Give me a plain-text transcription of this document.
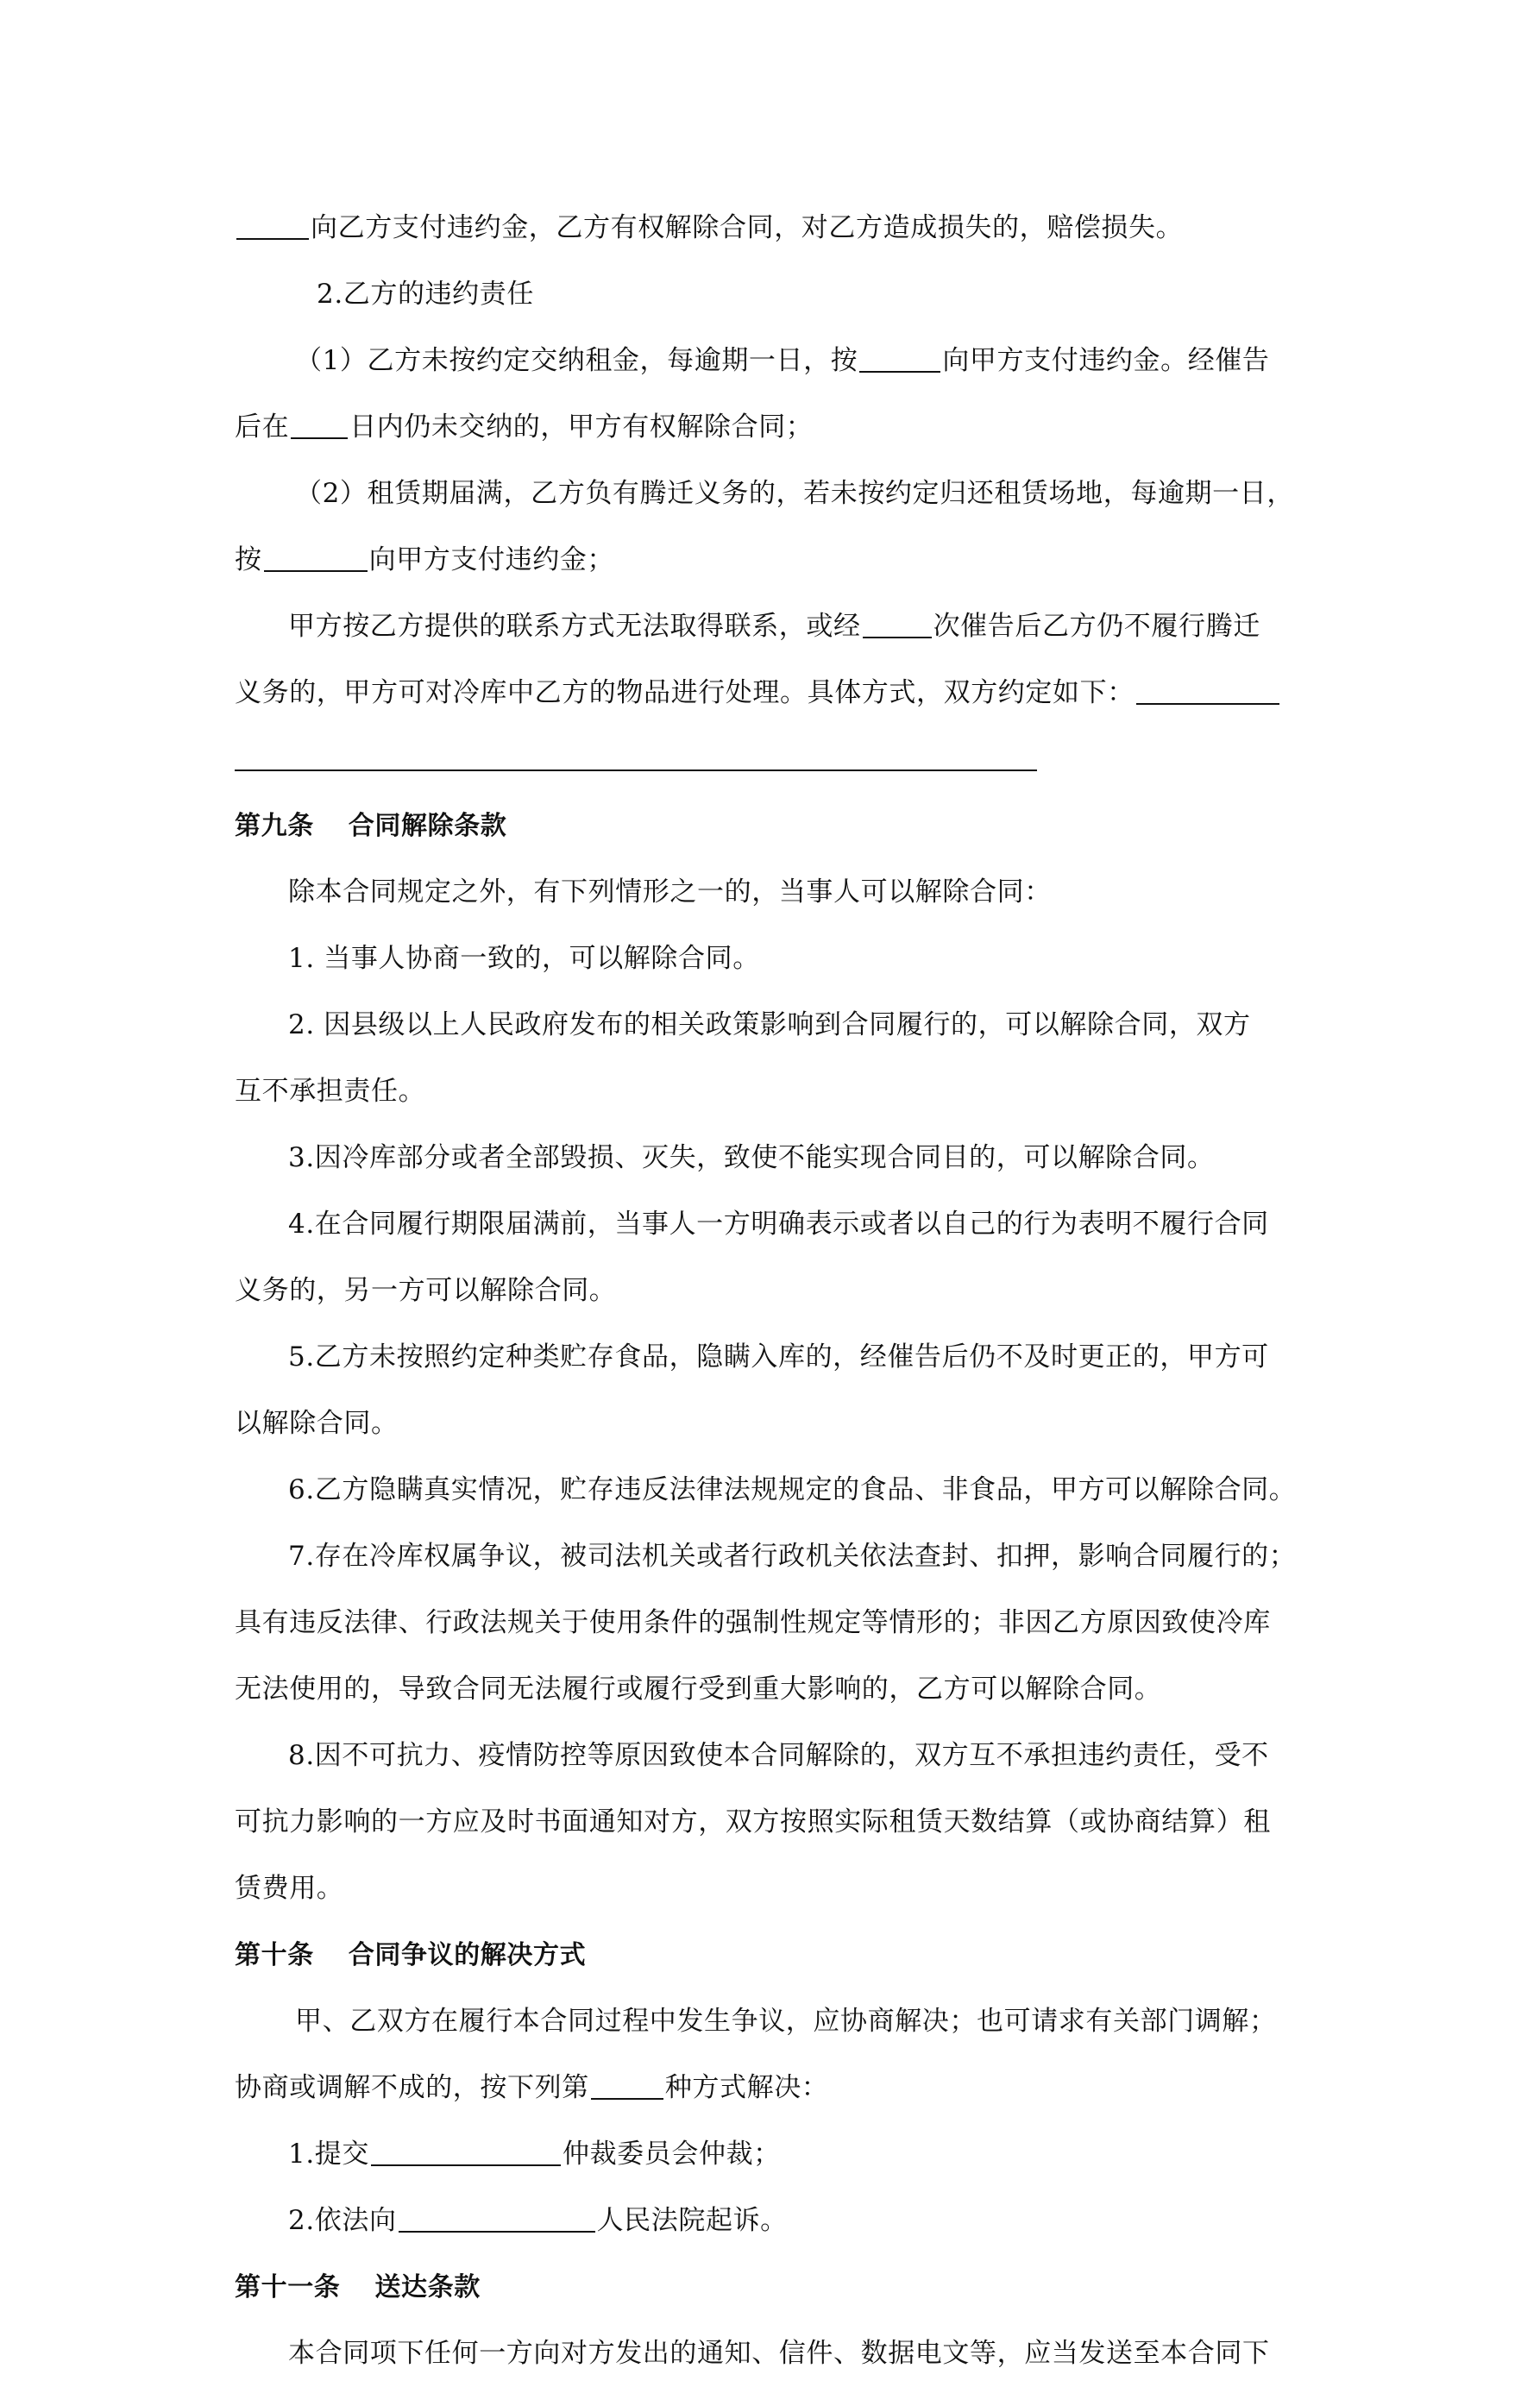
向乙方支付违约金，乙方有权解除合同，对乙方造成损失的，赔偿损失。
2.乙方的违约责任
（1）乙方未按约定交纳租金，每逾期一日，按	向甲方支付违约金。经催告
后在 日内仍未交纳的，甲方有权解除合同；
（2）租赁期届满，乙方负有腾迁义务的，若未按约定归还租赁场地，每逾期一日，
按	向甲方支付违约金；
甲方按乙方提供的联系方式无法取得联系，或经	次催告后乙方仍不履行腾迁
义务的，甲方可对冷库中乙方的物品进行处理。具体方式，双方约定如下：
第九条 合同解除条款
除本合同规定之外，有下列情形之一的，当事人可以解除合同：
1. 当事人协商一致的，可以解除合同。
2. 因县级以上人民政府发布的相关政策影响到合同履行的，可以解除合同，双方
互不承担责任。
3.因冷库部分或者全部毁损、灭失，致使不能实现合同目的，可以解除合同。
4.在合同履行期限届满前，当事人一方明确表示或者以自己的行为表明不履行合同
义务的，另一方可以解除合同。
5.乙方未按照约定种类贮存食品，隐瞒入库的，经催告后仍不及时更正的，甲方可
以解除合同。
6.乙方隐瞒真实情况，贮存违反法律法规规定的食品、非食品，甲方可以解除合同。
7.存在冷库权属争议，被司法机关或者行政机关依法查封、扣押，影响合同履行的；
具有违反法律、行政法规关于使用条件的强制性规定等情形的；非因乙方原因致使冷库
无法使用的，导致合同无法履行或履行受到重大影响的，乙方可以解除合同。
8.因不可抗力、疫情防控等原因致使本合同解除的，双方互不承担违约责任，受不
可抗力影响的一方应及时书面通知对方，双方按照实际租赁天数结算（或协商结算）租
赁费用。
第十条 合同争议的解决方式
甲、乙双方在履行本合同过程中发生争议，应协商解决；也可请求有关部门调解；
协商或调解不成的，按下列第	种方式解决：
1.提交	仲裁委员会仲裁；
2.依法向	人民法院起诉。
第十一条 送达条款
本合同项下任何一方向对方发出的通知、信件、数据电文等，应当发送至本合同下
